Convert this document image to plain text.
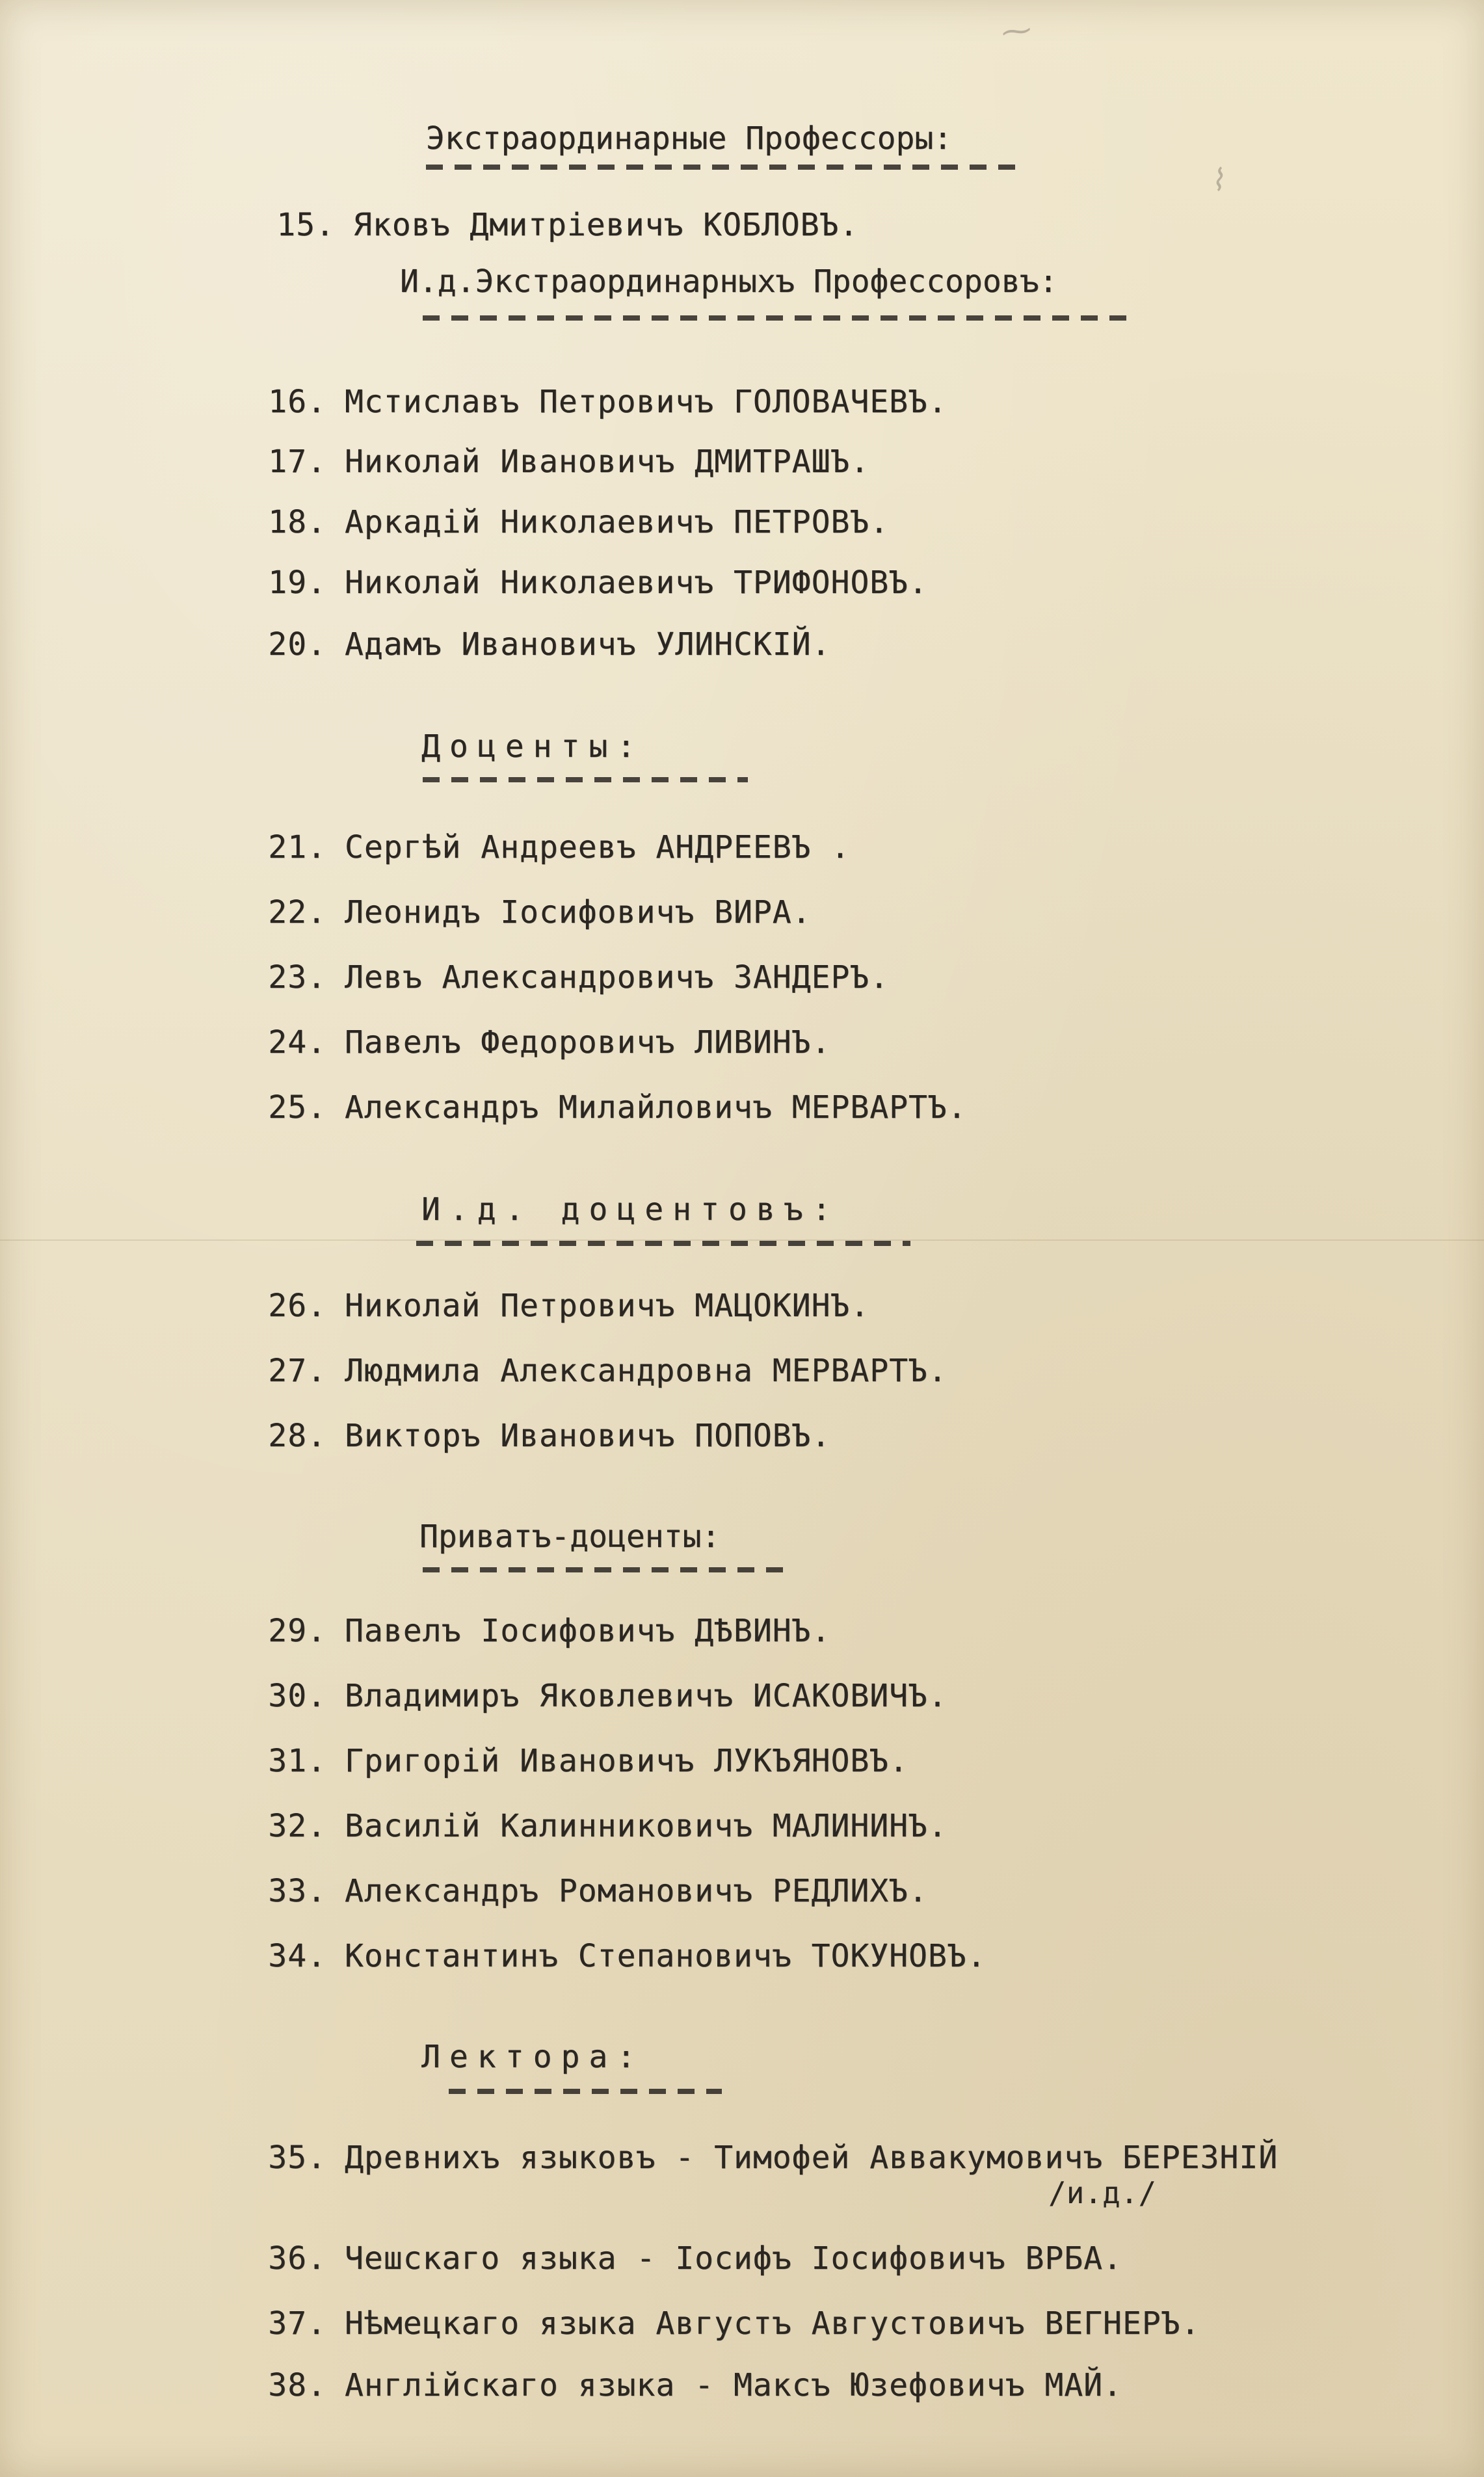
⁓
⌇
Экстраординарные Профессоры:
15. Яковъ Дмитріевичъ КОБЛОВЪ.
И.д.Экстраординарныхъ Профессоровъ:
16. Мстиславъ Петровичъ ГОЛОВАЧЕВЪ.
17. Николай Ивановичъ ДМИТРАШЪ.
18. Аркадій Николаевичъ ПЕТРОВЪ.
19. Николай Николаевичъ ТРИФОНОВЪ.
20. Адамъ Ивановичъ УЛИНСКІЙ.
Доценты:
21. Сергѣй Андреевъ АНДРЕЕВЪ .
22. Леонидъ Іосифовичъ ВИРА.
23. Левъ Александровичъ ЗАНДЕРЪ.
24. Павелъ Федоровичъ ЛИВИНЪ.
25. Александръ Милайловичъ МЕРВАРТЪ.
И.д. доцентовъ:
26. Николай Петровичъ МАЦОКИНЪ.
27. Людмила Александровна МЕРВАРТЪ.
28. Викторъ Ивановичъ ПОПОВЪ.
Приватъ-доценты:
29. Павелъ Іосифовичъ ДѢВИНЪ.
30. Владимиръ Яковлевичъ ИСАКОВИЧЪ.
31. Григорій Ивановичъ ЛУКЪЯНОВЪ.
32. Василій Калинниковичъ МАЛИНИНЪ.
33. Александръ Романовичъ РЕДЛИХЪ.
34. Константинъ Степановичъ ТОКУНОВЪ.
Лектора:
35. Древнихъ языковъ - Тимофей Аввакумовичъ БЕРЕЗНІЙ
/и.д./
36. Чешскаго языка - Іосифъ Іосифовичъ ВРБА.
37. Нѣмецкаго языка Августъ Августовичъ ВЕГНЕРЪ.
38. Англійскаго языка - Максъ Юзефовичъ МАЙ.
